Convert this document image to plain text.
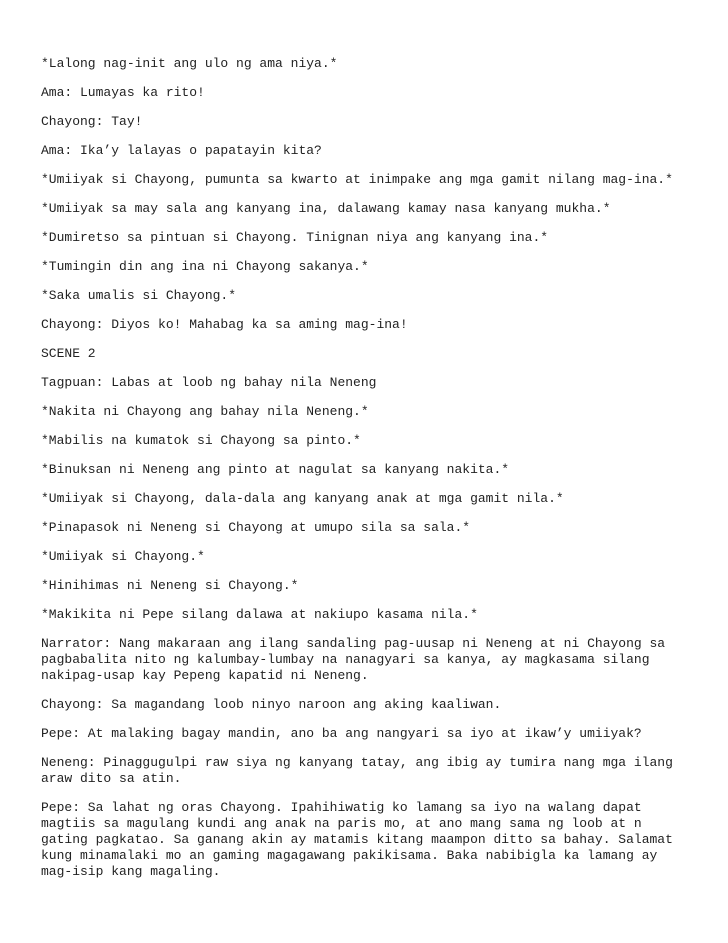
*Lalong nag-init ang ulo ng ama niya.*

Ama: Lumayas ka rito!

Chayong: Tay!

Ama: Ika’y lalayas o papatayin kita?

*Umiiyak si Chayong, pumunta sa kwarto at inimpake ang mga gamit nilang mag-ina.*

*Umiiyak sa may sala ang kanyang ina, dalawang kamay nasa kanyang mukha.*

*Dumiretso sa pintuan si Chayong. Tinignan niya ang kanyang ina.*

*Tumingin din ang ina ni Chayong sakanya.*

*Saka umalis si Chayong.*

Chayong: Diyos ko! Mahabag ka sa aming mag-ina!

SCENE 2

Tagpuan: Labas at loob ng bahay nila Neneng

*Nakita ni Chayong ang bahay nila Neneng.*

*Mabilis na kumatok si Chayong sa pinto.*

*Binuksan ni Neneng ang pinto at nagulat sa kanyang nakita.*

*Umiiyak si Chayong, dala-dala ang kanyang anak at mga gamit nila.*

*Pinapasok ni Neneng si Chayong at umupo sila sa sala.*

*Umiiyak si Chayong.*

*Hinihimas ni Neneng si Chayong.*

*Makikita ni Pepe silang dalawa at nakiupo kasama nila.*

Narrator: Nang makaraan ang ilang sandaling pag-uusap ni Neneng at ni Chayong sa
pagbabalita nito ng kalumbay-lumbay na nanagyari sa kanya, ay magkasama silang
nakipag-usap kay Pepeng kapatid ni Neneng.

Chayong: Sa magandang loob ninyo naroon ang aking kaaliwan.

Pepe: At malaking bagay mandin, ano ba ang nangyari sa iyo at ikaw’y umiiyak?

Neneng: Pinaggugulpi raw siya ng kanyang tatay, ang ibig ay tumira nang mga ilang
araw dito sa atin.

Pepe: Sa lahat ng oras Chayong. Ipahihiwatig ko lamang sa iyo na walang dapat
magtiis sa magulang kundi ang anak na paris mo, at ano mang sama ng loob at n
gating pagkatao. Sa ganang akin ay matamis kitang maampon ditto sa bahay. Salamat
kung minamalaki mo an gaming magagawang pakikisama. Baka nabibigla ka lamang ay
mag-isip kang magaling.
